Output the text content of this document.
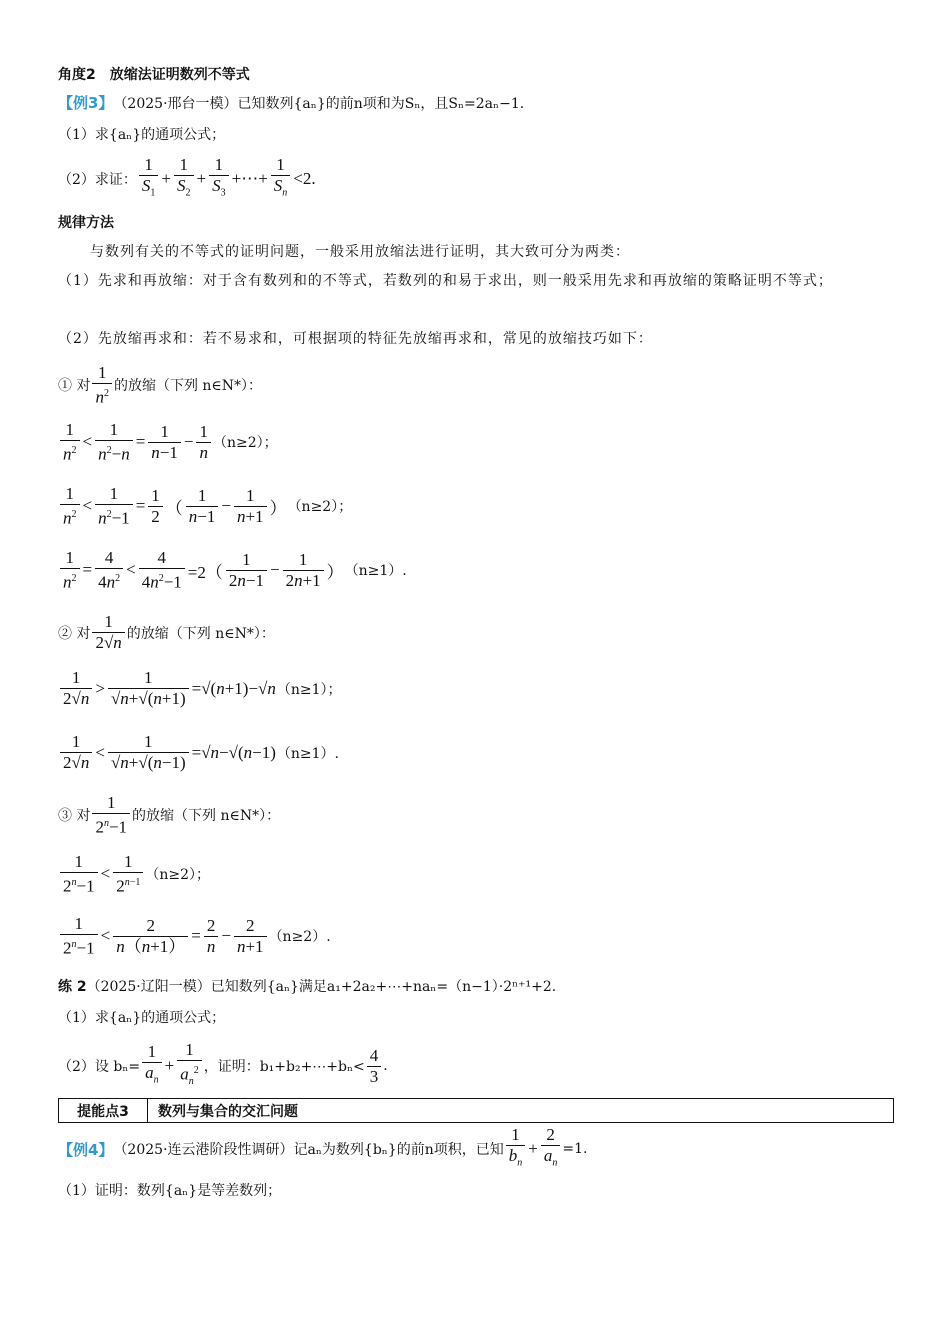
角度2　放缩法证明数列不等式
【例3】 （2025·邢台一模）已知数列{aₙ}的前n项和为Sₙ，且Sₙ=2aₙ−1.
（1）求{aₙ}的通项公式；
（2）求证： $\frac{1}{S_1} + \frac{1}{S_2} + \frac{1}{S_3}$ +⋯+ $\frac{1}{S_n} <2$.
规律方法
与数列有关的不等式的证明问题，一般采用放缩法进行证明，其大致可分为两类：
（1）先求和再放缩：对于含有数列和的不等式，若数列的和易于求出，则一般采用先求和再放缩的策略证明不等式；
（2）先放缩再求和：若不易求和，可根据项的特征先放缩再求和，常见的放缩技巧如下：
① 对 $\frac{1}{n^2}$ 的放缩（下列 n∈N*）：
$\frac{1}{n^2} < \frac{1}{n^2-n} = \frac{1}{n-1} - \frac{1}{n} (n\ge 2)$；
$\frac{1}{n^2} < \frac{1}{n^2-1} = \frac{1}{2}$ （ $\frac{1}{n-1} - \frac{1}{n+1}$ ） （n≥2）；
$\frac{1}{n^2} = \frac{4}{4n^2} < \frac{4}{4n^2-1} =2( \frac{1}{2n-1} - \frac{1}{2n+1}$ ） （n≥1）.
② 对 $\frac{1}{2√n}$ 的放缩（下列 n∈N*）：
$\frac{1}{2√n} > \frac{1}{√n+√(n+1)} =√(n+1)-√n$ （n≥1）；
$\frac{1}{2√n} < \frac{1}{√n+√(n-1)} =√n-√(n-1)$ （n≥1）.
③ 对 $\frac{1}{2^n-1}$ 的放缩（下列 n∈N*）：
$\frac{1}{2^n-1} < \frac{1}{2^{n-1}} (n\ge 2)$；
$\frac{1}{2^n-1} < \frac{2}{n(n+1)} = \frac{2}{n} - \frac{2}{n+1} (n\ge 2)$.
练 2 （2025·辽阳一模）已知数列{aₙ}满足a₁+2a₂+⋯+naₙ=（n−1）·2ⁿ⁺¹+2.
（1）求{aₙ}的通项公式；
（2）设 $b_n= \frac{1}{a_n} + \frac{1}{a_n^2}$ ，证明：b₁+b₂+⋯+bₙ< $\frac{4}{3}$ .
提能点3	数列与集合的交汇问题
【例4】 （2025·连云港阶段性调研）记aₙ为数列{bₙ}的前n项积，已知 $\frac{1}{b_n} + \frac{2}{a_n} =1$.
（1）证明：数列{aₙ}是等差数列；
